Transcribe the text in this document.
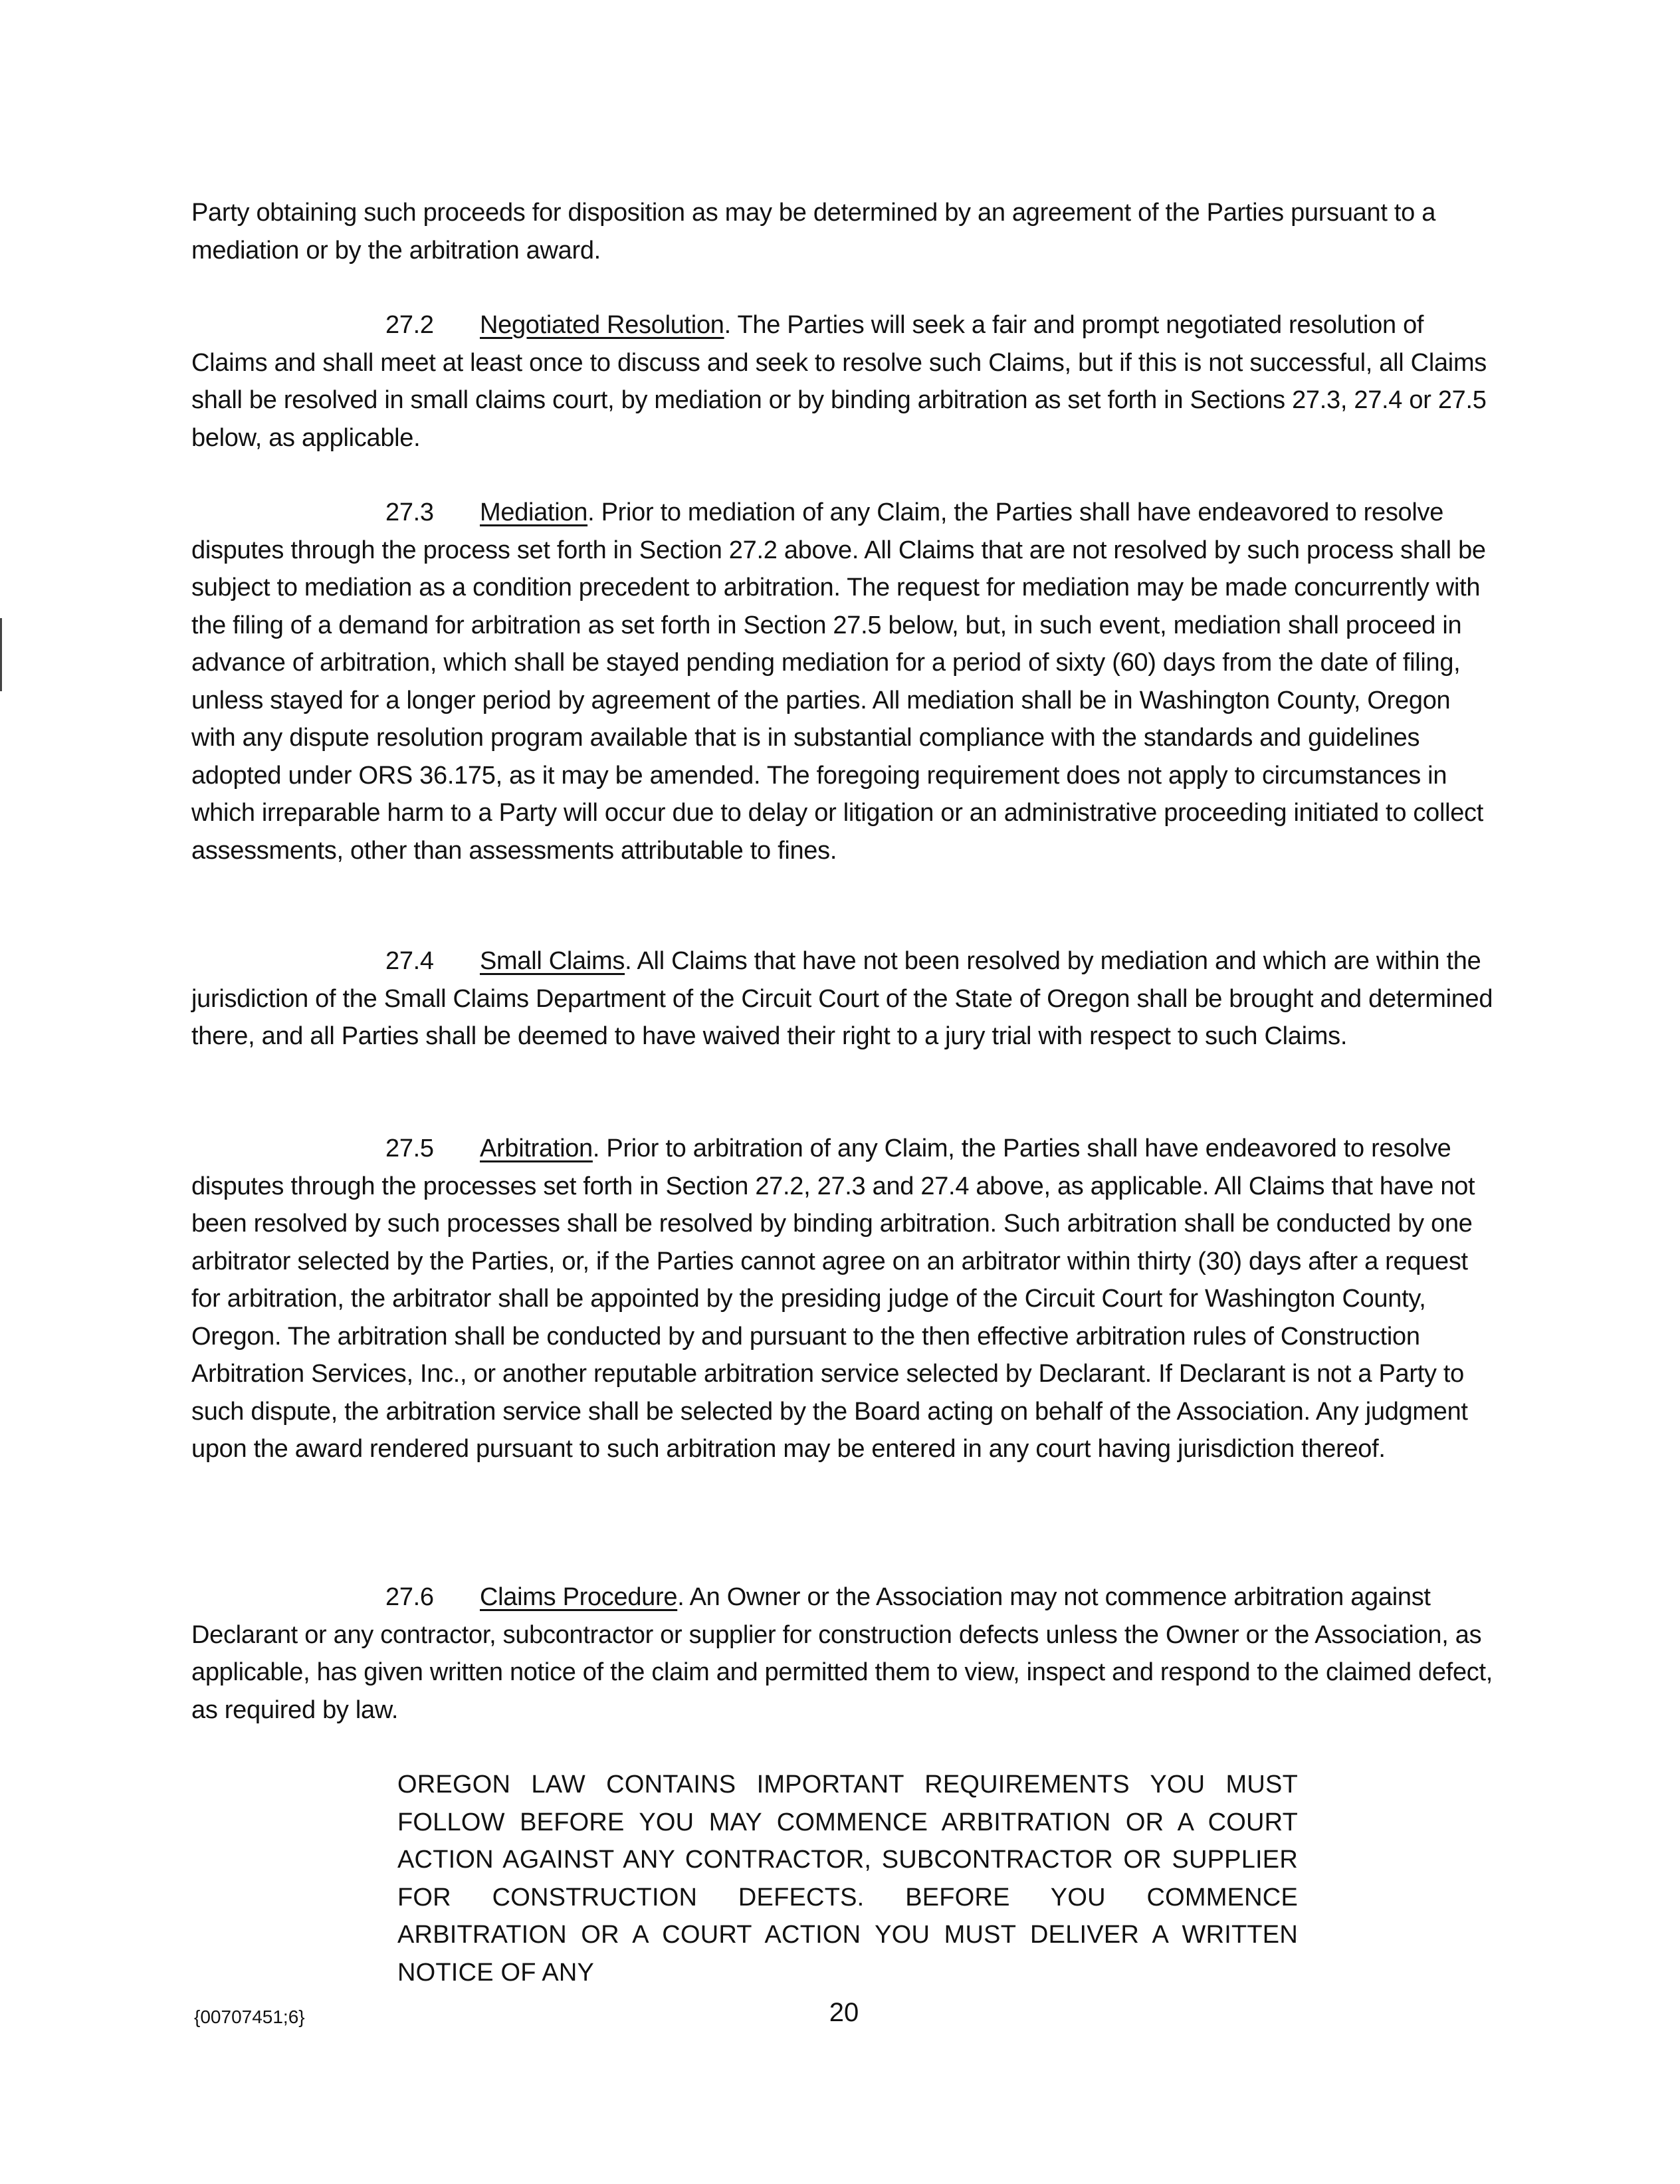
Party obtaining such proceeds for disposition as may be determined by an agreement of the Parties pursuant to a mediation or by the arbitration award.

27.2 Negotiated Resolution. The Parties will seek a fair and prompt negotiated resolution of Claims and shall meet at least once to discuss and seek to resolve such Claims, but if this is not successful, all Claims shall be resolved in small claims court, by mediation or by binding arbitration as set forth in Sections 27.3, 27.4 or 27.5 below, as applicable.

27.3 Mediation. Prior to mediation of any Claim, the Parties shall have endeavored to resolve disputes through the process set forth in Section 27.2 above. All Claims that are not resolved by such process shall be subject to mediation as a condition precedent to arbitration. The request for mediation may be made concurrently with the filing of a demand for arbitration as set forth in Section 27.5 below, but, in such event, mediation shall proceed in advance of arbitration, which shall be stayed pending mediation for a period of sixty (60) days from the date of filing, unless stayed for a longer period by agreement of the parties. All mediation shall be in Washington County, Oregon with any dispute resolution program available that is in substantial compliance with the standards and guidelines adopted under ORS 36.175, as it may be amended. The foregoing requirement does not apply to circumstances in which irreparable harm to a Party will occur due to delay or litigation or an administrative proceeding initiated to collect assessments, other than assessments attributable to fines.

27.4 Small Claims. All Claims that have not been resolved by mediation and which are within the jurisdiction of the Small Claims Department of the Circuit Court of the State of Oregon shall be brought and determined there, and all Parties shall be deemed to have waived their right to a jury trial with respect to such Claims.

27.5 Arbitration. Prior to arbitration of any Claim, the Parties shall have endeavored to resolve disputes through the processes set forth in Section 27.2, 27.3 and 27.4 above, as applicable. All Claims that have not been resolved by such processes shall be resolved by binding arbitration. Such arbitration shall be conducted by one arbitrator selected by the Parties, or, if the Parties cannot agree on an arbitrator within thirty (30) days after a request for arbitration, the arbitrator shall be appointed by the presiding judge of the Circuit Court for Washington County, Oregon. The arbitration shall be conducted by and pursuant to the then effective arbitration rules of Construction Arbitration Services, Inc., or another reputable arbitration service selected by Declarant. If Declarant is not a Party to such dispute, the arbitration service shall be selected by the Board acting on behalf of the Association. Any judgment upon the award rendered pursuant to such arbitration may be entered in any court having jurisdiction thereof.

27.6 Claims Procedure. An Owner or the Association may not commence arbitration against Declarant or any contractor, subcontractor or supplier for construction defects unless the Owner or the Association, as applicable, has given written notice of the claim and permitted them to view, inspect and respond to the claimed defect, as required by law.

OREGON LAW CONTAINS IMPORTANT REQUIREMENTS YOU MUST FOLLOW BEFORE YOU MAY COMMENCE ARBITRATION OR A COURT ACTION AGAINST ANY CONTRACTOR, SUBCONTRACTOR OR SUPPLIER FOR CONSTRUCTION DEFECTS. BEFORE YOU COMMENCE ARBITRATION OR A COURT ACTION YOU MUST DELIVER A WRITTEN NOTICE OF ANY

{00707451;6}	20
